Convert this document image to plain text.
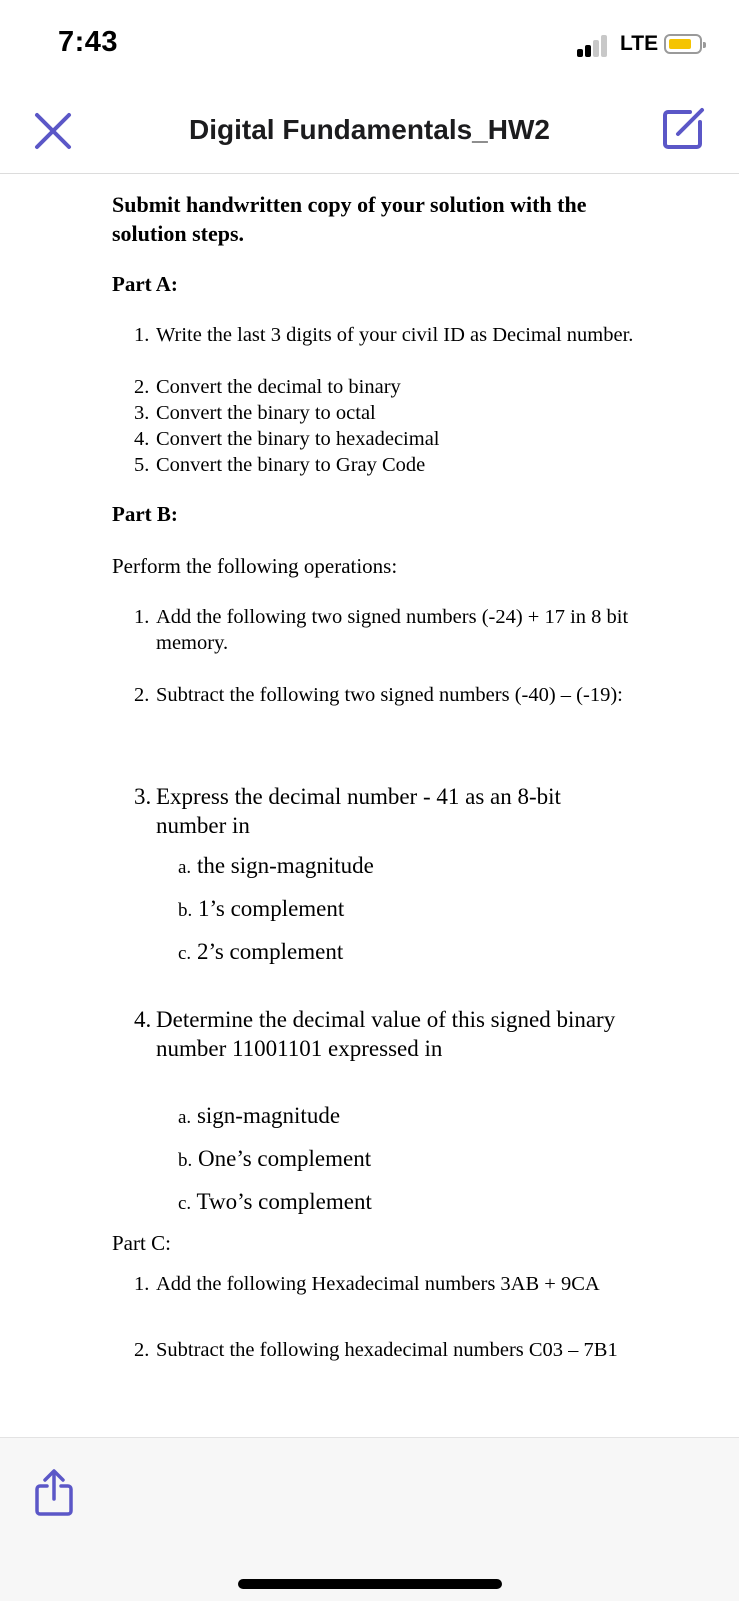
7:43	LTE
Digital Fundamentals_HW2

Submit handwritten copy of your solution with the solution steps.

Part A:

1. Write the last 3 digits of your civil ID as Decimal number.
2. Convert the decimal to binary
3. Convert the binary to octal
4. Convert the binary to hexadecimal
5. Convert the binary to Gray Code

Part B:

Perform the following operations:

1. Add the following two signed numbers (-24) + 17 in 8 bit memory.
2. Subtract the following two signed numbers (-40) – (-19):
3. Express the decimal number - 41 as an 8-bit number in
a. the sign-magnitude
b. 1’s complement
c. 2’s complement
4. Determine the decimal value of this signed binary number 11001101 expressed in
a. sign-magnitude
b. One’s complement
c. Two’s complement

Part C:

1. Add the following Hexadecimal numbers 3AB + 9CA
2. Subtract the following hexadecimal numbers C03 – 7B1
